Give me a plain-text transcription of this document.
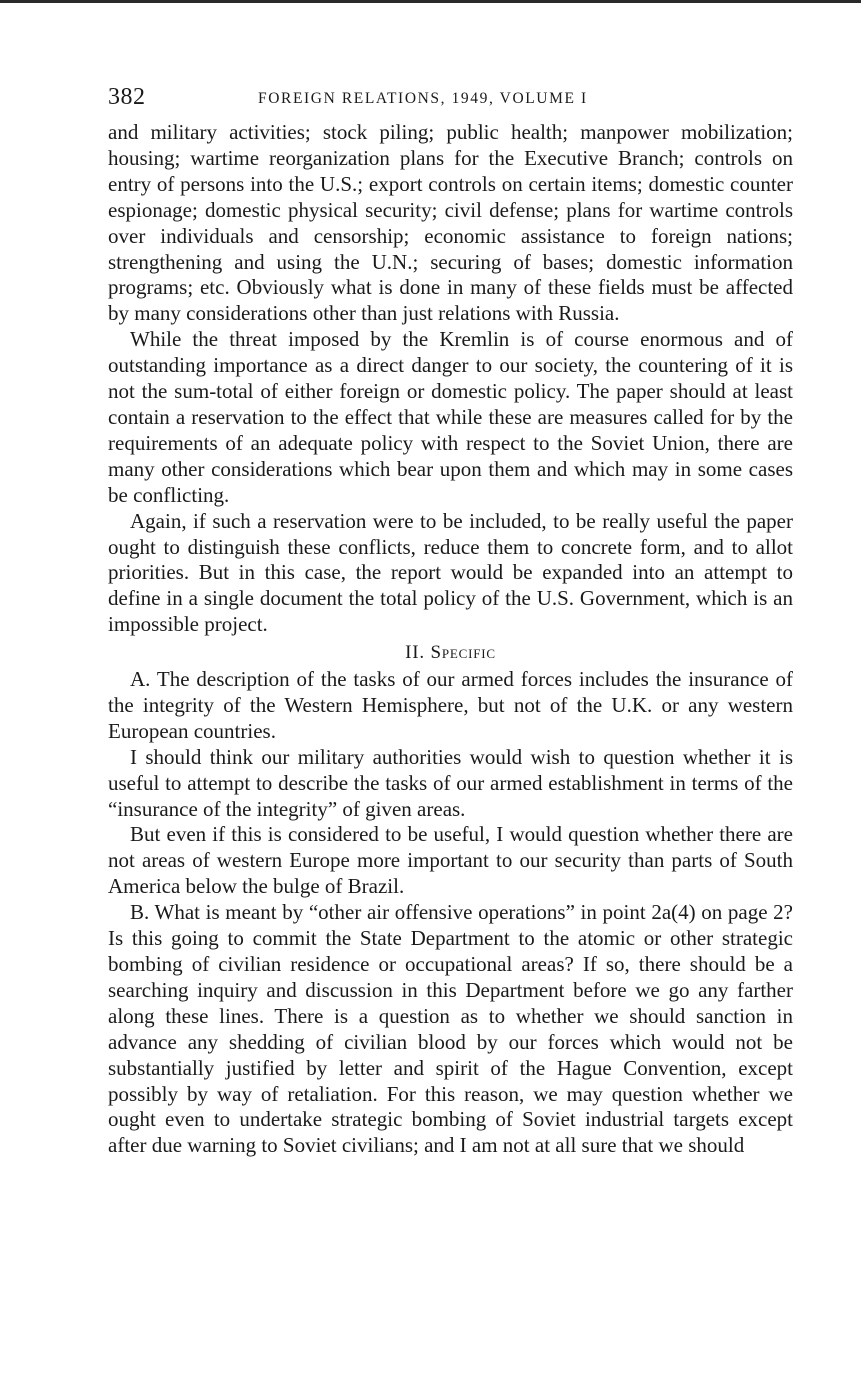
382	FOREIGN RELATIONS, 1949, VOLUME I

and military activities; stock piling; public health; manpower mobilization; housing; wartime reorganization plans for the Executive Branch; controls on entry of persons into the U.S.; export controls on certain items; domestic counter espionage; domestic physical security; civil defense; plans for wartime controls over individuals and censorship; economic assistance to foreign nations; strengthening and using the U.N.; securing of bases; domestic information programs; etc. Obviously what is done in many of these fields must be affected by many considerations other than just relations with Russia.

While the threat imposed by the Kremlin is of course enormous and of outstanding importance as a direct danger to our society, the countering of it is not the sum-total of either foreign or domestic policy. The paper should at least contain a reservation to the effect that while these are measures called for by the requirements of an adequate policy with respect to the Soviet Union, there are many other considerations which bear upon them and which may in some cases be conflicting.

Again, if such a reservation were to be included, to be really useful the paper ought to distinguish these conflicts, reduce them to concrete form, and to allot priorities. But in this case, the report would be expanded into an attempt to define in a single document the total policy of the U.S. Government, which is an impossible project.

II. Specific

A. The description of the tasks of our armed forces includes the insurance of the integrity of the Western Hemisphere, but not of the U.K. or any western European countries.

I should think our military authorities would wish to question whether it is useful to attempt to describe the tasks of our armed establishment in terms of the “insurance of the integrity” of given areas.

But even if this is considered to be useful, I would question whether there are not areas of western Europe more important to our security than parts of South America below the bulge of Brazil.

B. What is meant by “other air offensive operations” in point 2a(4) on page 2? Is this going to commit the State Department to the atomic or other strategic bombing of civilian residence or occupational areas? If so, there should be a searching inquiry and discussion in this Department before we go any farther along these lines. There is a question as to whether we should sanction in advance any shedding of civilian blood by our forces which would not be substantially justified by letter and spirit of the Hague Convention, except possibly by way of retaliation. For this reason, we may question whether we ought even to undertake strategic bombing of Soviet industrial targets except after due warning to Soviet civilians; and I am not at all sure that we should
